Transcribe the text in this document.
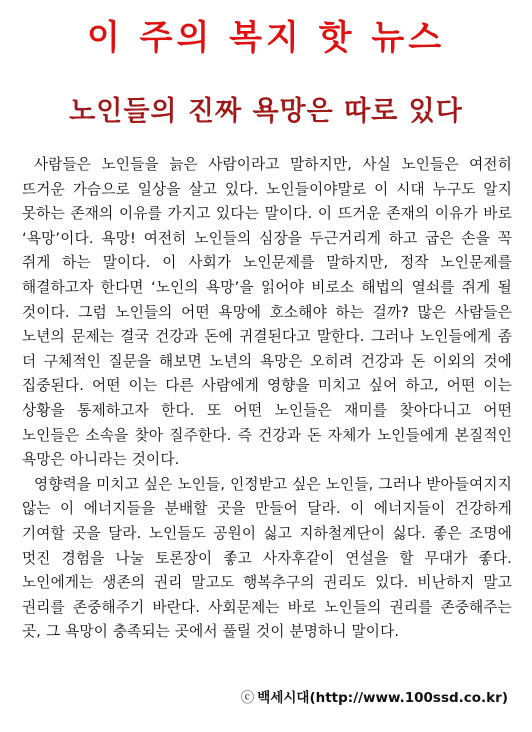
이 주의 복지 핫 뉴스
노인들의 진짜 욕망은 따로 있다

사람들은 노인들을 늙은 사람이라고 말하지만, 사실 노인들은 여전히 뜨거운 가슴으로 일상을 살고 있다. 노인들이야말로 이 시대 누구도 알지 못하는 존재의 이유를 가지고 있다는 말이다. 이 뜨거운 존재의 이유가 바로 ‘욕망’이다. 욕망! 여전히 노인들의 심장을 두근거리게 하고 굽은 손을 꼭 쥐게 하는 말이다. 이 사회가 노인문제를 말하지만, 정작 노인문제를 해결하고자 한다면 ‘노인의 욕망’을 읽어야 비로소 해법의 열쇠를 쥐게 될 것이다. 그럼 노인들의 어떤 욕망에 호소해야 하는 걸까? 많은 사람들은 노년의 문제는 결국 건강과 돈에 귀결된다고 말한다. 그러나 노인들에게 좀 더 구체적인 질문을 해보면 노년의 욕망은 오히려 건강과 돈 이외의 것에 집중된다. 어떤 이는 다른 사람에게 영향을 미치고 싶어 하고, 어떤 이는 상황을 통제하고자 한다. 또 어떤 노인들은 재미를 찾아다니고 어떤 노인들은 소속을 찾아 질주한다. 즉 건강과 돈 자체가 노인들에게 본질적인 욕망은 아니라는 것이다.

영향력을 미치고 싶은 노인들, 인정받고 싶은 노인들, 그러나 받아들여지지 않는 이 에너지들을 분배할 곳을 만들어 달라. 이 에너지들이 건강하게 기여할 곳을 달라. 노인들도 공원이 싫고 지하철계단이 싫다. 좋은 조명에 멋진 경험을 나눌 토론장이 좋고 사자후같이 연설을 할 무대가 좋다. 노인에게는 생존의 권리 말고도 행복추구의 권리도 있다. 비난하지 말고 권리를 존중해주기 바란다. 사회문제는 바로 노인들의 권리를 존중해주는 곳, 그 욕망이 충족되는 곳에서 풀릴 것이 분명하니 말이다.

ⓒ 백세시대(http://www.100ssd.co.kr)
